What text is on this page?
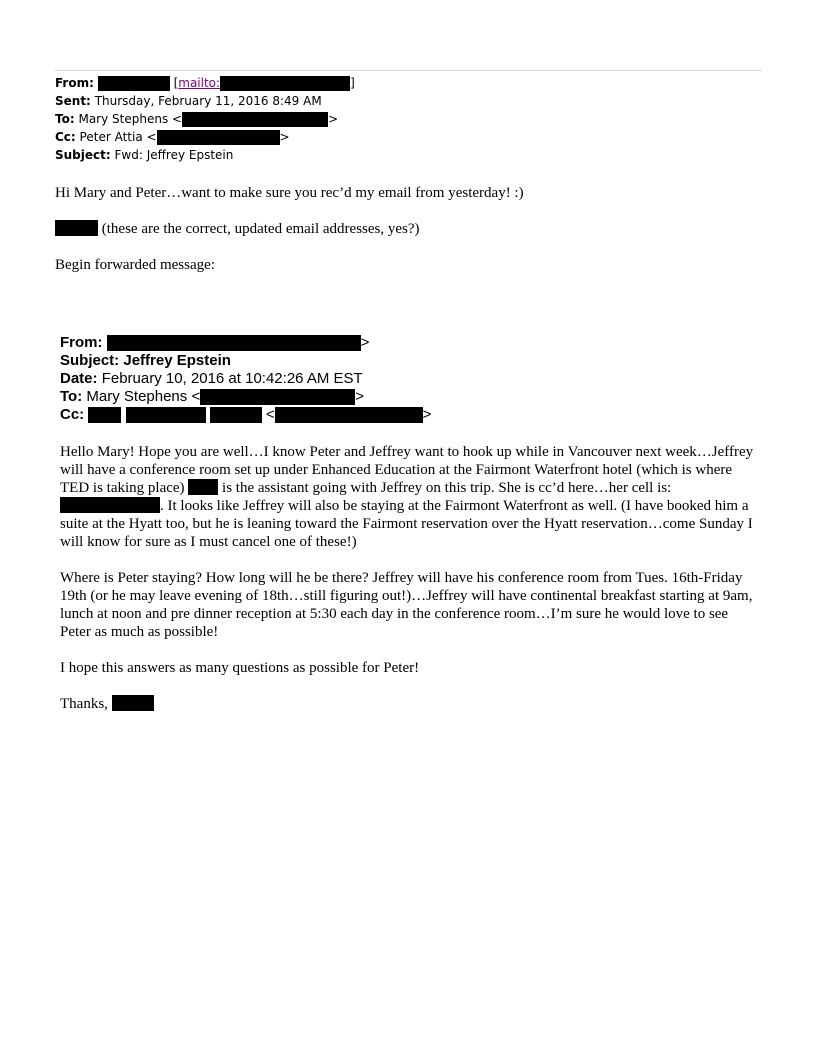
From:	[mailto:	]
Sent: Thursday, February 11, 2016 8:49 AM
To: Mary Stephens <	>
Cc: Peter Attia <	>
Subject: Fwd: Jeffrey Epstein
Hi Mary and Peter…want to make sure you rec’d my email from yesterday! :)
(these are the correct, updated email addresses, yes?)
Begin forwarded message:
From:	>
Subject: Jeffrey Epstein
Date: February 10, 2016 at 10:42:26 AM EST
To: Mary Stephens <	>
Cc:	<	>
Hello Mary! Hope you are well…I know Peter and Jeffrey want to hook up while in Vancouver next week…Jeffrey will have a conference room set up under Enhanced Education at the Fairmont Waterfront hotel (which is where TED is taking place)  is the assistant going with Jeffrey on this trip. She is cc’d here…her cell is: . It looks like Jeffrey will also be staying at the Fairmont Waterfront as well. (I have booked him a suite at the Hyatt too, but he is leaning toward the Fairmont reservation over the Hyatt reservation…come Sunday I will know for sure as I must cancel one of these!)
Where is Peter staying? How long will he be there? Jeffrey will have his conference room from Tues. 16th-Friday 19th (or he may leave evening of 18th…still figuring out!)…Jeffrey will have continental breakfast starting at 9am, lunch at noon and pre dinner reception at 5:30 each day in the conference room…I’m sure he would love to see Peter as much as possible!
I hope this answers as many questions as possible for Peter!
Thanks,
